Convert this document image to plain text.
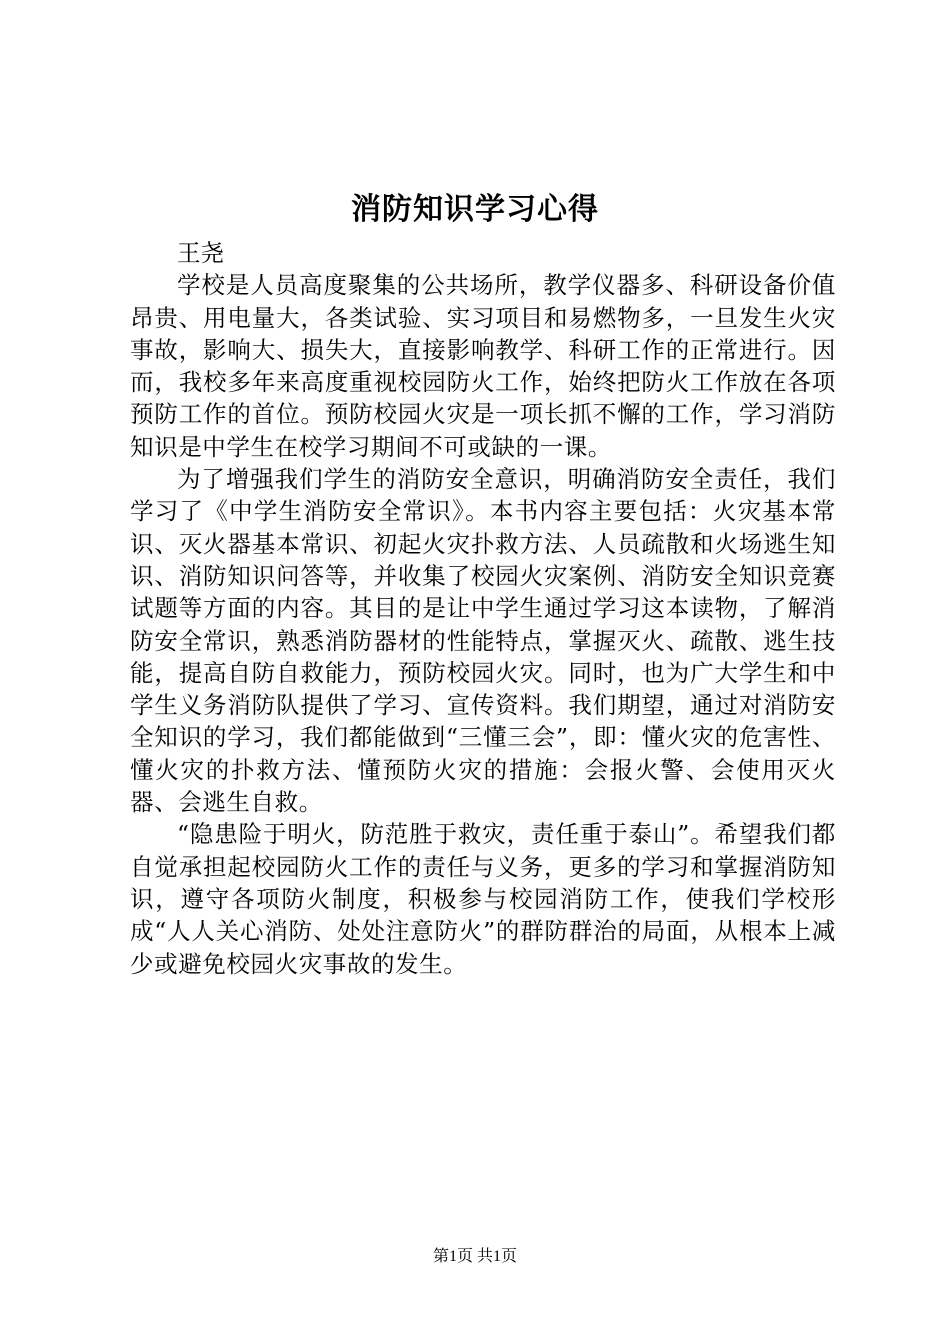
消防知识学习心得

王尧

学校是人员高度聚集的公共场所，教学仪器多、科研设备价值昂贵、用电量大，各类试验、实习项目和易燃物多，一旦发生火灾事故，影响大、损失大，直接影响教学、科研工作的正常进行。因而，我校多年来高度重视校园防火工作，始终把防火工作放在各项预防工作的首位。预防校园火灾是一项长抓不懈的工作，学习消防知识是中学生在校学习期间不可或缺的一课。

为了增强我们学生的消防安全意识，明确消防安全责任，我们学习了《中学生消防安全常识》。本书内容主要包括：火灾基本常识、灭火器基本常识、初起火灾扑救方法、人员疏散和火场逃生知识、消防知识问答等，并收集了校园火灾案例、消防安全知识竞赛试题等方面的内容。其目的是让中学生通过学习这本读物，了解消防安全常识，熟悉消防器材的性能特点，掌握灭火、疏散、逃生技能，提高自防自救能力，预防校园火灾。同时，也为广大学生和中学生义务消防队提供了学习、宣传资料。我们期望，通过对消防安全知识的学习，我们都能做到“三懂三会”，即：懂火灾的危害性、懂火灾的扑救方法、懂预防火灾的措施：会报火警、会使用灭火器、会逃生自救。

“隐患险于明火，防范胜于救灾，责任重于泰山”。希望我们都自觉承担起校园防火工作的责任与义务，更多的学习和掌握消防知识，遵守各项防火制度，积极参与校园消防工作，使我们学校形成“人人关心消防、处处注意防火”的群防群治的局面，从根本上减少或避免校园火灾事故的发生。

第1页 共1页
